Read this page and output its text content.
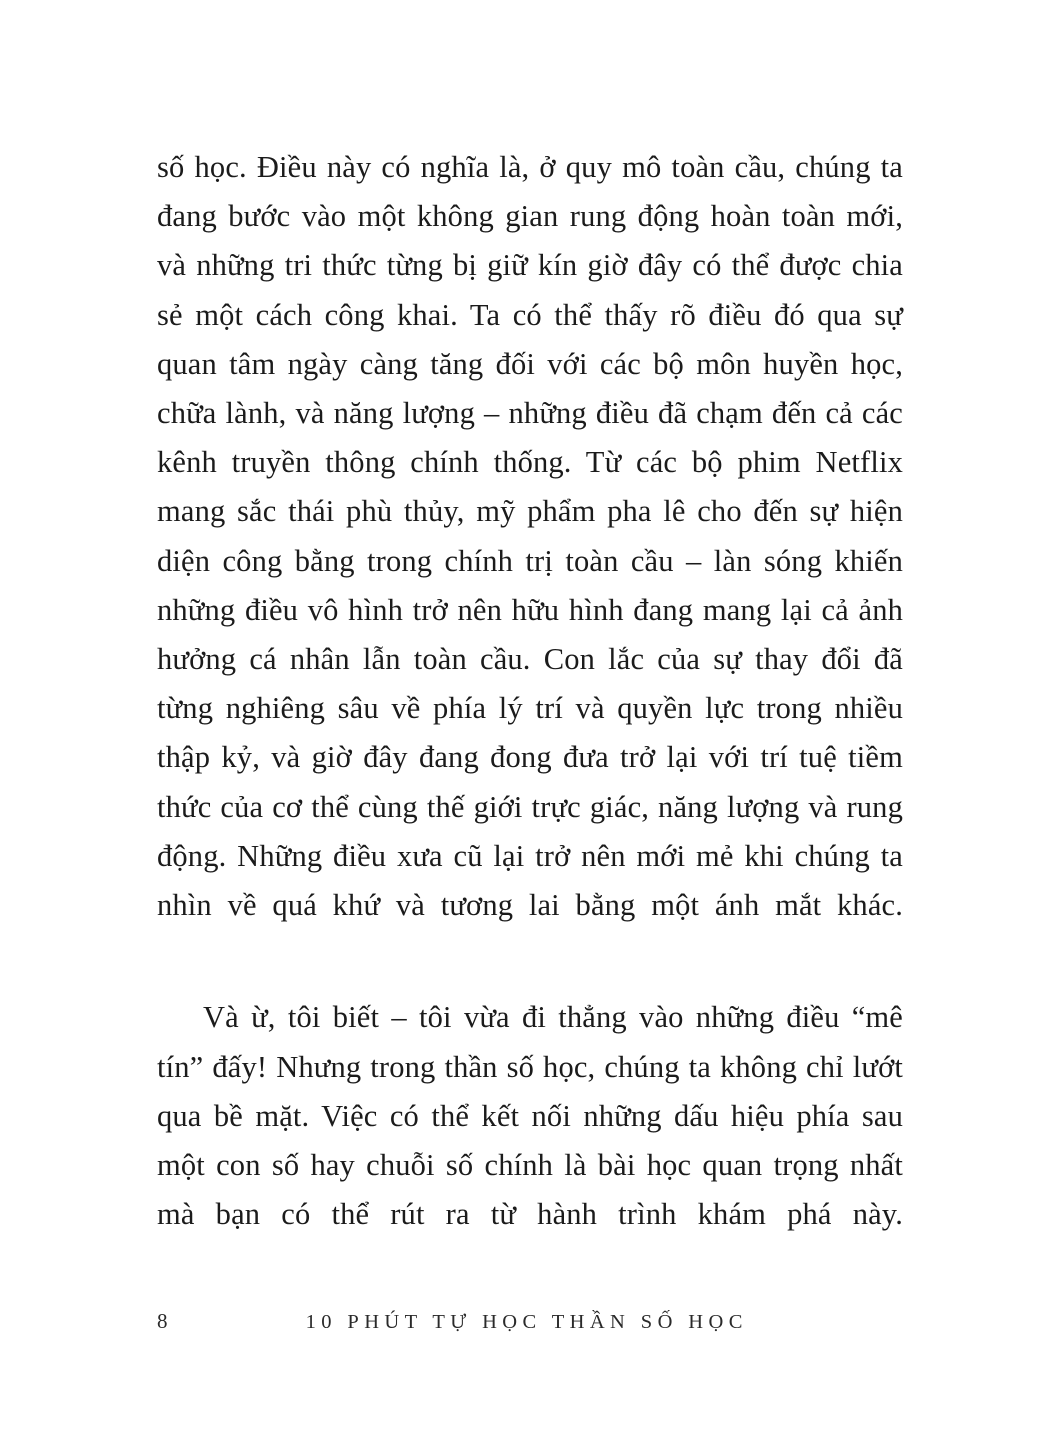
số học. Điều này có nghĩa là, ở quy mô toàn cầu, chúng ta đang bước vào một không gian rung động hoàn toàn mới, và những tri thức từng bị giữ kín giờ đây có thể được chia sẻ một cách công khai. Ta có thể thấy rõ điều đó qua sự quan tâm ngày càng tăng đối với các bộ môn huyền học, chữa lành, và năng lượng – những điều đã chạm đến cả các kênh truyền thông chính thống. Từ các bộ phim Netflix mang sắc thái phù thủy, mỹ phẩm pha lê cho đến sự hiện diện công bằng trong chính trị toàn cầu – làn sóng khiến những điều vô hình trở nên hữu hình đang mang lại cả ảnh hưởng cá nhân lẫn toàn cầu. Con lắc của sự thay đổi đã từng nghiêng sâu về phía lý trí và quyền lực trong nhiều thập kỷ, và giờ đây đang đong đưa trở lại với trí tuệ tiềm thức của cơ thể cùng thế giới trực giác, năng lượng và rung động. Những điều xưa cũ lại trở nên mới mẻ khi chúng ta nhìn về quá khứ và tương lai bằng một ánh mắt khác.

Và ừ, tôi biết – tôi vừa đi thẳng vào những điều “mê tín” đấy! Nhưng trong thần số học, chúng ta không chỉ lướt qua bề mặt. Việc có thể kết nối những dấu hiệu phía sau một con số hay chuỗi số chính là bài học quan trọng nhất mà bạn có thể rút ra từ hành trình khám phá này.

8	10 PHÚT TỰ HỌC THẦN SỐ HỌC
